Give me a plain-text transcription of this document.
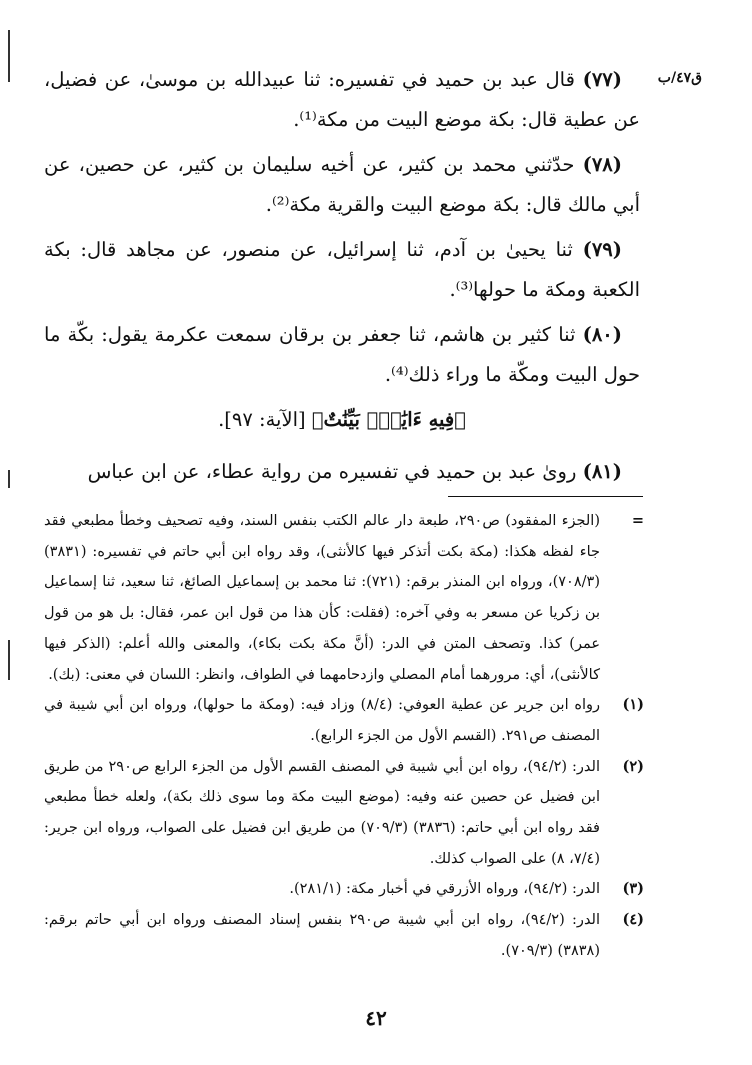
ق٤٧/ب

(٧٧) قال عبد بن حميد في تفسيره: ثنا عبيدالله بن موسىٰ، عن فضيل، عن عطية قال: بكة موضع البيت من مكة⁽¹⁾.

(٧٨) حدّثني محمد بن كثير، عن أخيه سليمان بن كثير، عن حصين، عن أبي مالك قال: بكة موضع البيت والقرية مكة⁽²⁾.

(٧٩) ثنا يحيىٰ بن آدم، ثنا إسرائيل، عن منصور، عن مجاهد قال: بكة الكعبة ومكة ما حولها⁽³⁾.

(٨٠) ثنا كثير بن هاشم، ثنا جعفر بن برقان سمعت عكرمة يقول: بكّة ما حول البيت ومكّة ما وراء ذلك⁽⁴⁾.

﴿فِيهِ ءَايَٰتٌۢ بَيِّنَٰتٌ﴾ [الآية: ٩٧].

(٨١) روىٰ عبد بن حميد في تفسيره من رواية عطاء، عن ابن عباس

=
(الجزء المفقود) ص٢٩٠، طبعة دار عالم الكتب بنفس السند، وفيه تصحيف وخطأ مطبعي فقد جاء لفظه هكذا: (مكة بكت أتذكر فيها كالأنثى)، وقد رواه ابن أبي حاتم في تفسيره: (٣٨٣١) (٧٠٨/٣)، ورواه ابن المنذر برقم: (٧٢١): ثنا محمد بن إسماعيل الصائغ، ثنا سعيد، ثنا إسماعيل بن زكريا عن مسعر به وفي آخره: (فقلت: كأن هذا من قول ابن عمر، فقال: بل هو من قول عمر) كذا. وتصحف المتن في الدر: (أنَّ مكة بكت بكاء)، والمعنى والله أعلم: (الذكر فيها كالأنثى)، أي: مرورهما أمام المصلي وازدحامهما في الطواف، وانظر: اللسان في معنى: (بك).

(١)
رواه ابن جرير عن عطية العوفي: (٨/٤) وزاد فيه: (ومكة ما حولها)، ورواه ابن أبي شيبة في المصنف ص٢٩١. (القسم الأول من الجزء الرابع).

(٢)
الدر: (٩٤/٢)، رواه ابن أبي شيبة في المصنف القسم الأول من الجزء الرابع ص٢٩٠ من طريق ابن فضيل عن حصين عنه وفيه: (موضع البيت مكة وما سوى ذلك بكة)، ولعله خطأ مطبعي فقد رواه ابن أبي حاتم: (٣٨٣٦) (٧٠٩/٣) من طريق ابن فضيل على الصواب، ورواه ابن جرير: (٧/٤، ٨) على الصواب كذلك.

(٣)
الدر: (٩٤/٢)، ورواه الأزرقي في أخبار مكة: (٢٨١/١).

(٤)
الدر: (٩٤/٢)، رواه ابن أبي شيبة ص٢٩٠ بنفس إسناد المصنف ورواه ابن أبي حاتم برقم: (٣٨٣٨) (٧٠٩/٣).

٤٢
